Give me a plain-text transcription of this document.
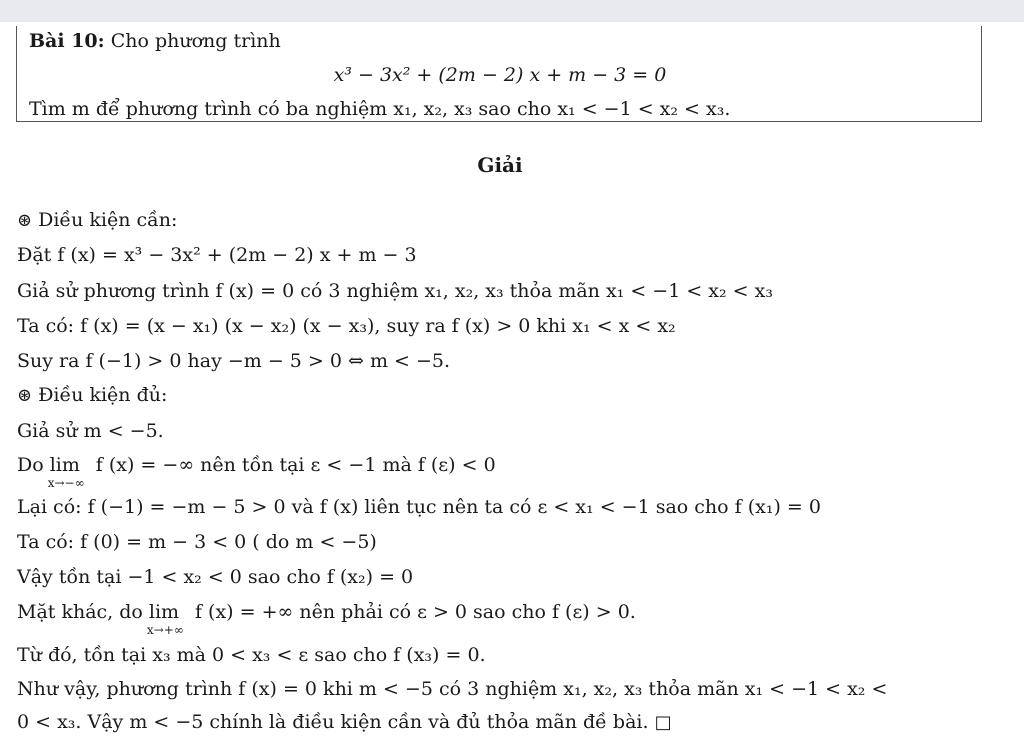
Bài 10: Cho phương trình
x³ − 3x² + (2m − 2) x + m − 3 = 0
Tìm m để phương trình có ba nghiệm x₁, x₂, x₃ sao cho x₁ < −1 < x₂ < x₃.
Giải
⊛ Diều kiện cần:
Đặt f (x) = x³ − 3x² + (2m − 2) x + m − 3
Giả sử phương trình f (x) = 0 có 3 nghiệm x₁, x₂, x₃ thỏa mãn x₁ < −1 < x₂ < x₃
Ta có: f (x) = (x − x₁) (x − x₂) (x − x₃), suy ra f (x) > 0 khi x₁ < x < x₂
Suy ra f (−1) > 0 hay −m − 5 > 0 ⇔ m < −5.
⊛ Điều kiện đủ:
Giả sử m < −5.
Do lim
x→−∞
f (x) = −∞ nên tồn tại ε < −1 mà f (ε) < 0
Lại có: f (−1) = −m − 5 > 0 và f (x) liên tục nên ta có ε < x₁ < −1 sao cho f (x₁) = 0
Ta có: f (0) = m − 3 < 0 ( do m < −5)
Vậy tồn tại −1 < x₂ < 0 sao cho f (x₂) = 0
Mặt khác, do lim
x→+∞
f (x) = +∞ nên phải có ε > 0 sao cho f (ε) > 0.
Từ đó, tồn tại x₃ mà 0 < x₃ < ε sao cho f (x₃) = 0.
Như vậy, phương trình f (x) = 0 khi m < −5 có 3 nghiệm x₁, x₂, x₃ thỏa mãn x₁ < −1 < x₂ <
0 < x₃. Vậy m < −5 chính là điều kiện cần và đủ thỏa mãn đề bài. □
